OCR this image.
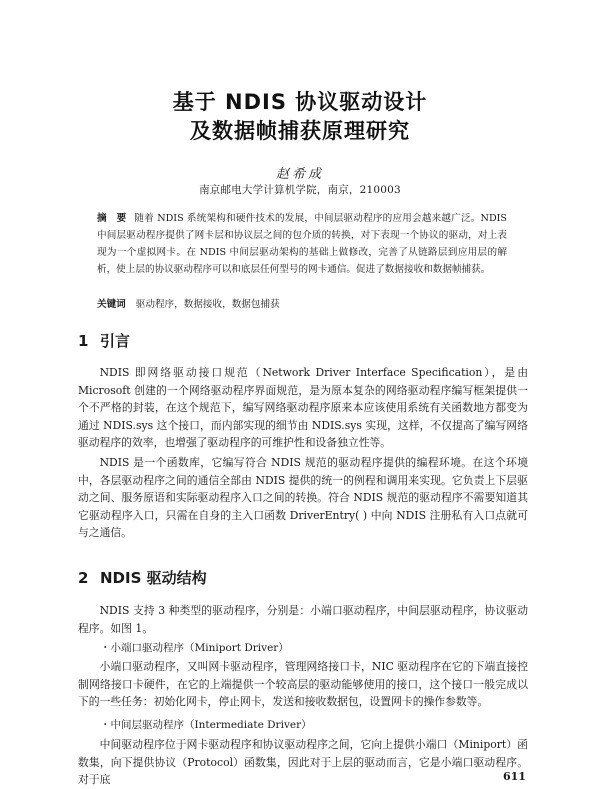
基于 NDIS 协议驱动设计
及数据帧捕获原理研究
赵希成
南京邮电大学计算机学院，南京，210003
摘　要 随着 NDIS 系统架构和硬件技术的发展，中间层驱动程序的应用会越来越广泛。NDIS 中间层驱动程序提供了网卡层和协议层之间的包介质的转换，对下表现一个协议的驱动，对上表现为一个虚拟网卡。在 NDIS 中间层驱动架构的基础上做修改，完善了从链路层到应用层的解析，使上层的协议驱动程序可以和底层任何型号的网卡通信。促进了数据接收和数据帧捕获。
关键词 驱动程序，数据接收，数据包捕获
1 引言

NDIS 即网络驱动接口规范（Network Driver Interface Specification），是由 Microsoft 创建的一个网络驱动程序界面规范，是为原本复杂的网络驱动程序编写框架提供一个不严格的封装，在这个规范下，编写网络驱动程序原来本应该使用系统有关函数地方都变为通过 NDIS.sys 这个接口，而内部实现的细节由 NDIS.sys 实现，这样，不仅提高了编写网络驱动程序的效率，也增强了驱动程序的可维护性和设备独立性等。

NDIS 是一个函数库，它编写符合 NDIS 规范的驱动程序提供的编程环境。在这个环境中，各层驱动程序之间的通信全部由 NDIS 提供的统一的例程和调用来实现。它负责上下层驱动之间、服务原语和实际驱动程序入口之间的转换。符合 NDIS 规范的驱动程序不需要知道其它驱动程序入口，只需在自身的主入口函数 DriverEntry( ) 中向 NDIS 注册私有入口点就可与之通信。

2 NDIS 驱动结构

NDIS 支持 3 种类型的驱动程序，分别是：小端口驱动程序，中间层驱动程序，协议驱动程序。如图 1。

・小端口驱动程序（Miniport Driver）

小端口驱动程序，又叫网卡驱动程序，管理网络接口卡，NIC 驱动程序在它的下端直接控制网络接口卡硬件，在它的上端提供一个较高层的驱动能够使用的接口，这个接口一般完成以下的一些任务：初始化网卡，停止网卡，发送和接收数据包，设置网卡的操作参数等。

・中间层驱动程序（Intermediate Driver）

中间驱动程序位于网卡驱动程序和协议驱动程序之间，它向上提供小端口（Miniport）函数集，向下提供协议（Protocol）函数集，因此对于上层的驱动而言，它是小端口驱动程序。对于底	611
